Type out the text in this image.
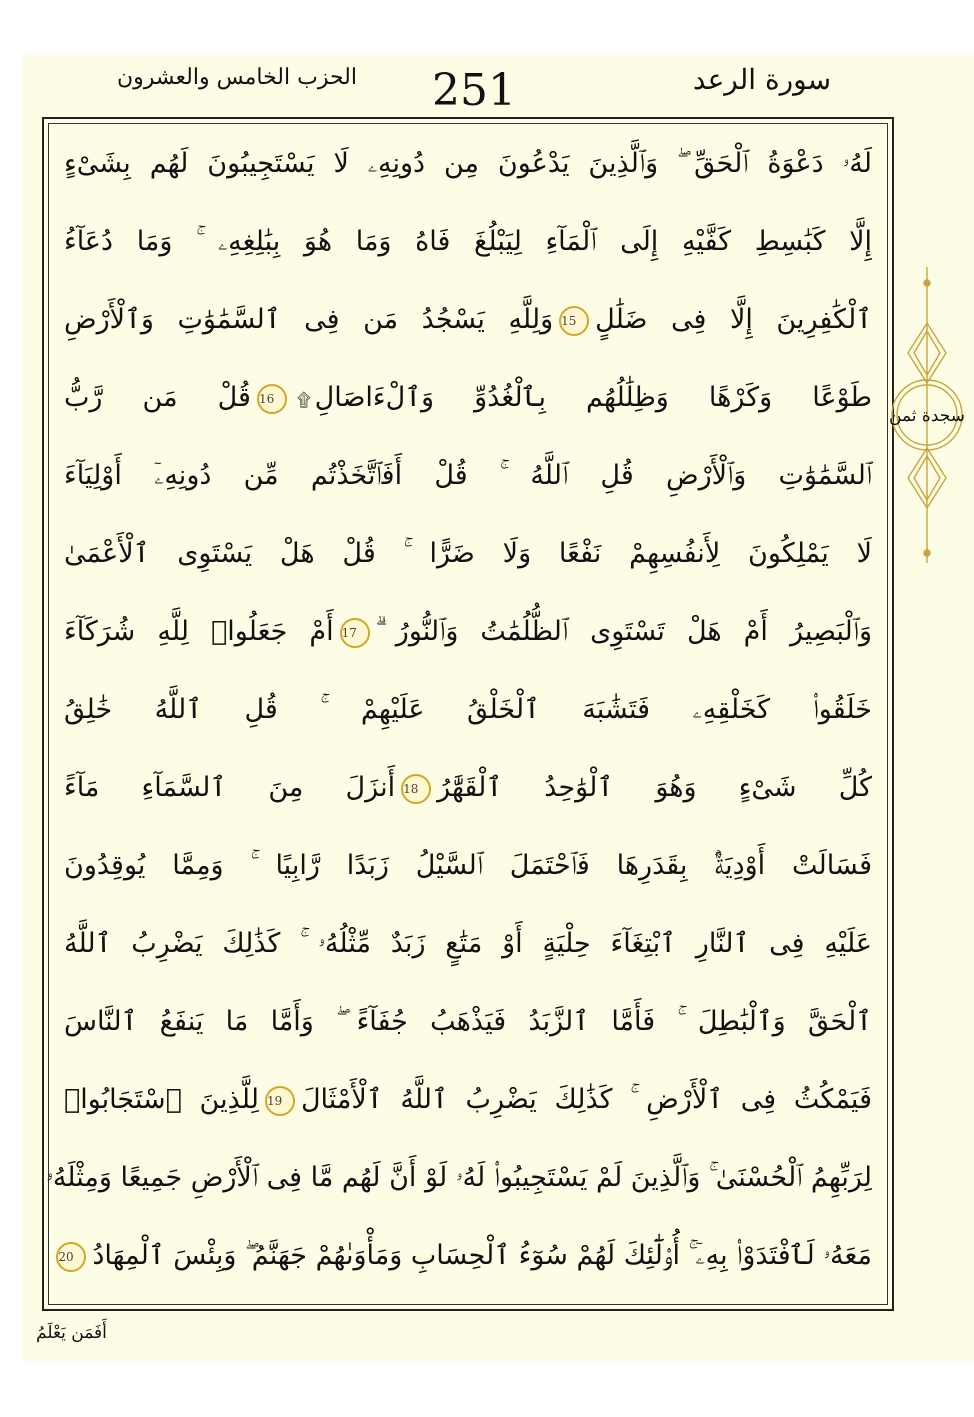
الحزب الخامس والعشرون	251	سورة الرعد
لَهُۥ دَعْوَةُ ٱلْحَقِّ ۖ وَٱلَّذِينَ يَدْعُونَ مِن دُونِهِۦ لَا يَسْتَجِيبُونَ لَهُم بِشَىْءٍ
إِلَّا كَبَٰسِطِ كَفَّيْهِ إِلَى ٱلْمَآءِ لِيَبْلُغَ فَاهُ وَمَا هُوَ بِبَٰلِغِهِۦ ۚ وَمَا دُعَآءُ
ٱلْكَٰفِرِينَ إِلَّا فِى ضَلَٰلٍ15وَلِلَّهِ يَسْجُدُ مَن فِى ٱلسَّمَٰوَٰتِ وَٱلْأَرْضِ
طَوْعًا وَكَرْهًا وَظِلَٰلُهُم بِٱلْغُدُوِّ وَٱلْءَاصَالِ۩16قُلْ مَن رَّبُّ
ٱلسَّمَٰوَٰتِ وَٱلْأَرْضِ قُلِ ٱللَّهُ ۚ قُلْ أَفَٱتَّخَذْتُم مِّن دُونِهِۦٓ أَوْلِيَآءَ
لَا يَمْلِكُونَ لِأَنفُسِهِمْ نَفْعًا وَلَا ضَرًّا ۚ قُلْ هَلْ يَسْتَوِى ٱلْأَعْمَىٰ
وَٱلْبَصِيرُ أَمْ هَلْ تَسْتَوِى ٱلظُّلُمَٰتُ وَٱلنُّورُ ۗ17أَمْ جَعَلُوا۟ لِلَّهِ شُرَكَآءَ
خَلَقُوا۟ كَخَلْقِهِۦ فَتَشَٰبَهَ ٱلْخَلْقُ عَلَيْهِمْ ۚ قُلِ ٱللَّهُ خَٰلِقُ
كُلِّ شَىْءٍ وَهُوَ ٱلْوَٰحِدُ ٱلْقَهَّٰرُ18أَنزَلَ مِنَ ٱلسَّمَآءِ مَآءً
فَسَالَتْ أَوْدِيَةٌۢ بِقَدَرِهَا فَٱحْتَمَلَ ٱلسَّيْلُ زَبَدًا رَّابِيًا ۚ وَمِمَّا يُوقِدُونَ
عَلَيْهِ فِى ٱلنَّارِ ٱبْتِغَآءَ حِلْيَةٍ أَوْ مَتَٰعٍ زَبَدٌ مِّثْلُهُۥ ۚ كَذَٰلِكَ يَضْرِبُ ٱللَّهُ
ٱلْحَقَّ وَٱلْبَٰطِلَ ۚ فَأَمَّا ٱلزَّبَدُ فَيَذْهَبُ جُفَآءً ۖ وَأَمَّا مَا يَنفَعُ ٱلنَّاسَ
فَيَمْكُثُ فِى ٱلْأَرْضِ ۚ كَذَٰلِكَ يَضْرِبُ ٱللَّهُ ٱلْأَمْثَالَ19لِلَّذِينَ ٱسْتَجَابُوا۟
لِرَبِّهِمُ ٱلْحُسْنَىٰ ۚ وَٱلَّذِينَ لَمْ يَسْتَجِيبُوا۟ لَهُۥ لَوْ أَنَّ لَهُم مَّا فِى ٱلْأَرْضِ جَمِيعًا وَمِثْلَهُۥ
مَعَهُۥ لَٱفْتَدَوْا۟ بِهِۦٓ ۚ أُو۟لَٰٓئِكَ لَهُمْ سُوٓءُ ٱلْحِسَابِ وَمَأْوَىٰهُمْ جَهَنَّمُ ۖ وَبِئْسَ ٱلْمِهَادُ20
سجدة ثمن
أَفَمَن يَعْلَمُ
